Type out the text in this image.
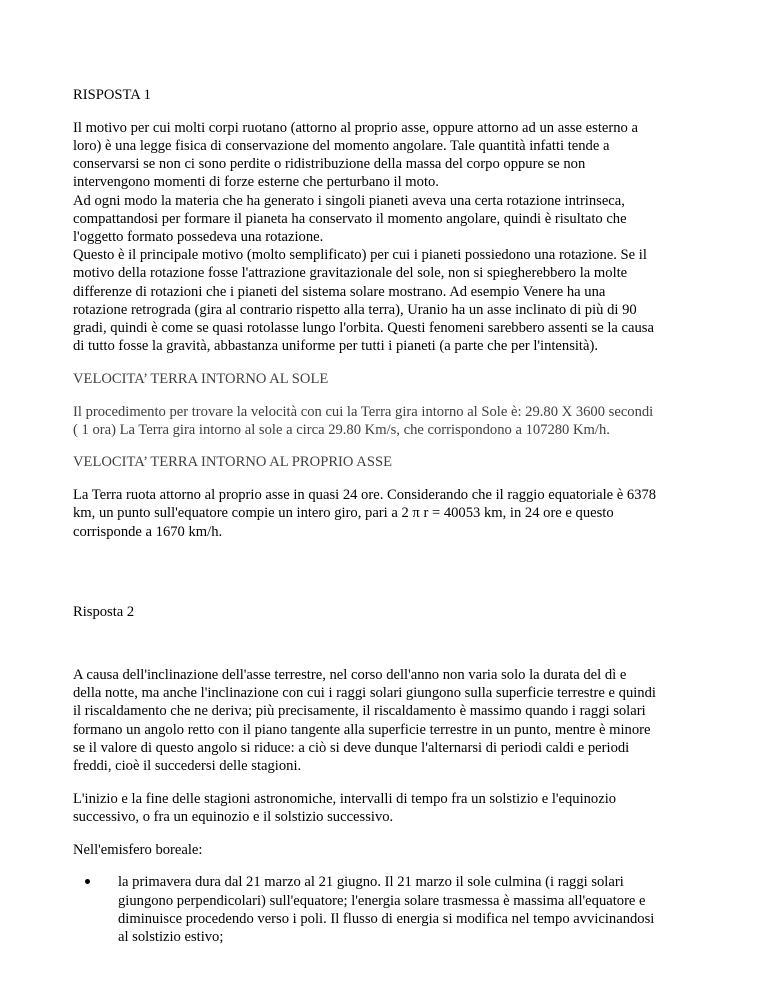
RISPOSTA 1

Il motivo per cui molti corpi ruotano (attorno al proprio asse, oppure attorno ad un asse esterno a
loro) è una legge fisica di conservazione del momento angolare. Tale quantità infatti tende a
conservarsi se non ci sono perdite o ridistribuzione della massa del corpo oppure se non
intervengono momenti di forze esterne che perturbano il moto.
Ad ogni modo la materia che ha generato i singoli pianeti aveva una certa rotazione intrinseca,
compattandosi per formare il pianeta ha conservato il momento angolare, quindi è risultato che
l'oggetto formato possedeva una rotazione.
Questo è il principale motivo (molto semplificato) per cui i pianeti possiedono una rotazione. Se il
motivo della rotazione fosse l'attrazione gravitazionale del sole, non si spiegherebbero la molte
differenze di rotazioni che i pianeti del sistema solare mostrano. Ad esempio Venere ha una
rotazione retrograda (gira al contrario rispetto alla terra), Uranio ha un asse inclinato di più di 90
gradi, quindi è come se quasi rotolasse lungo l'orbita. Questi fenomeni sarebbero assenti se la causa
di tutto fosse la gravità, abbastanza uniforme per tutti i pianeti (a parte che per l'intensità).

VELOCITA’ TERRA INTORNO AL SOLE

Il procedimento per trovare la velocità con cui la Terra gira intorno al Sole è: 29.80 X 3600 secondi
( 1 ora) La Terra gira intorno al sole a circa 29.80 Km/s, che corrispondono a 107280 Km/h.

VELOCITA’ TERRA INTORNO AL PROPRIO ASSE

La Terra ruota attorno al proprio asse in quasi 24 ore. Considerando che il raggio equatoriale è 6378
km, un punto sull'equatore compie un intero giro, pari a 2 π r = 40053 km, in 24 ore e questo
corrisponde a 1670 km/h.

Risposta 2

A causa dell'inclinazione dell'asse terrestre, nel corso dell'anno non varia solo la durata del dì e
della notte, ma anche l'inclinazione con cui i raggi solari giungono sulla superficie terrestre e quindi
il riscaldamento che ne deriva; più precisamente, il riscaldamento è massimo quando i raggi solari
formano un angolo retto con il piano tangente alla superficie terrestre in un punto, mentre è minore
se il valore di questo angolo si riduce: a ciò si deve dunque l'alternarsi di periodi caldi e periodi
freddi, cioè il succedersi delle stagioni.

L'inizio e la fine delle stagioni astronomiche, intervalli di tempo fra un solstizio e l'equinozio
successivo, o fra un equinozio e il solstizio successivo.

Nell'emisfero boreale:

la primavera dura dal 21 marzo al 21 giugno. Il 21 marzo il sole culmina (i raggi solari
giungono perpendicolari) sull'equatore; l'energia solare trasmessa è massima all'equatore e
diminuisce procedendo verso i poli. Il flusso di energia si modifica nel tempo avvicinandosi
al solstizio estivo;
